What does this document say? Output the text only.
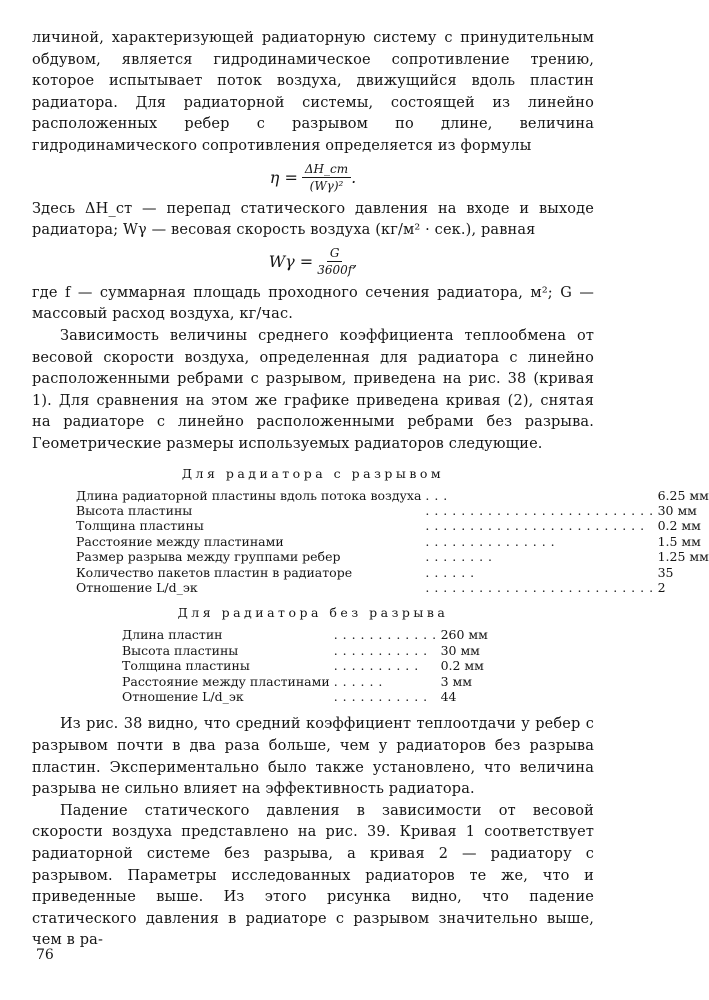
личиной, характеризующей радиаторную систему с принудительным обдувом, является гидродинамическое сопротивление трению, которое испытывает поток воздуха, движущийся вдоль пластин радиатора. Для радиаторной системы, состоящей из линейно расположенных ребер с разрывом по длине, величина гидродинамического сопротивления определяется из формулы

$\eta = \frac{\Delta H\_ст}{\text{(Wγ)²}}$ .

Здесь ΔH_ст — перепад статического давления на входе и выходе радиатора; Wγ — весовая скорость воздуха (кг/м² · сек.), равная

$W\gamma = \frac{G}{3600f}$ ,

где f — суммарная площадь проходного сечения радиатора, м²; G — массовый расход воздуха, кг/час.

Зависимость величины среднего коэффициента теплообмена от весовой скорости воздуха, определенная для радиатора с линейно расположенными ребрами с разрывом, приведена на рис. 38 (кривая 1). Для сравнения на этом же графике приведена кривая (2), снятая на радиаторе с линейно расположенными ребрами без разрыва. Геометрические размеры используемых радиаторов следующие.

Для радиатора с разрывом
Длина радиаторной пластины вдоль потока воздуха	. . .	6.25 мм
Высота пластины	. . . . . . . . . . . . . . . . . . . . . . . . . .	30 мм
Толщина пластины	. . . . . . . . . . . . . . . . . . . . . . . . .	0.2 мм
Расстояние между пластинами	. . . . . . . . . . . . . . .	1.5 мм
Размер разрыва между группами ребер	. . . . . . . .	1.25 мм
Количество пакетов пластин в радиаторе	. . . . . .	35
Отношение L/d_эк	. . . . . . . . . . . . . . . . . . . . . . . . . .	2
Для радиатора без разрыва
Длина пластин	. . . . . . . . . . . .	260 мм
Высота пластины	. . . . . . . . . . .	30 мм
Толщина пластины	. . . . . . . . . .	0.2 мм
Расстояние между пластинами	. . . . . .	3 мм
Отношение L/d_эк	. . . . . . . . . . .	44

Из рис. 38 видно, что средний коэффициент теплоотдачи у ребер с разрывом почти в два раза больше, чем у радиаторов без разрыва пластин. Экспериментально было также установлено, что величина разрыва не сильно влияет на эффективность радиатора.

Падение статического давления в зависимости от весовой скорости воздуха представлено на рис. 39. Кривая 1 соответствует радиаторной системе без разрыва, а кривая 2 — радиатору с разрывом. Параметры исследованных радиаторов те же, что и приведенные выше. Из этого рисунка видно, что падение статического давления в радиаторе с разрывом значительно выше, чем в ра-

76
